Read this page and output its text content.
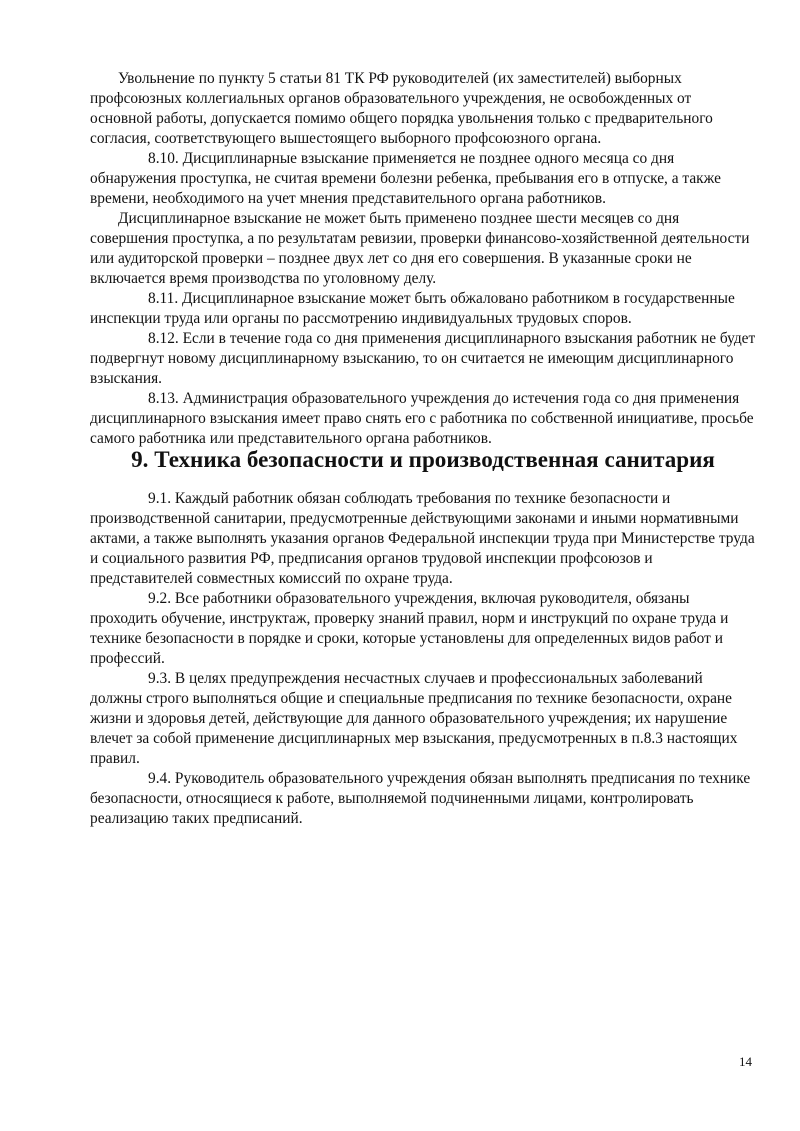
Увольнение по пункту 5 статьи 81 ТК РФ руководителей (их заместителей) выборных профсоюзных коллегиальных органов образовательного учреждения, не освобожденных от основной работы, допускается помимо общего порядка увольнения только с предварительного согласия, соответствующего вышестоящего выборного профсоюзного органа.

8.10. Дисциплинарные взыскание применяется не позднее одного месяца со дня обнаружения проступка, не считая времени болезни ребенка, пребывания его в отпуске, а также времени, необходимого на учет мнения представительного органа работников.

Дисциплинарное взыскание не может быть применено позднее шести месяцев со дня совершения проступка, а по результатам ревизии, проверки финансово-хозяйственной деятельности или аудиторской проверки – позднее двух лет со дня его совершения. В указанные сроки не включается время производства по уголовному делу.

8.11. Дисциплинарное взыскание может быть обжаловано работником в государственные инспекции труда или органы по рассмотрению индивидуальных трудовых споров.

8.12. Если в течение года со дня применения дисциплинарного взыскания работник не будет подвергнут новому дисциплинарному взысканию, то он считается не имеющим дисциплинарного взыскания.

8.13. Администрация образовательного учреждения до истечения года со дня применения дисциплинарного взыскания имеет право снять его с работника по собственной инициативе, просьбе самого работника или представительного органа работников.

9. Техника безопасности и производственная санитария

9.1. Каждый работник обязан соблюдать требования по технике безопасности и производственной санитарии, предусмотренные действующими законами и иными нормативными актами, а также выполнять указания органов Федеральной инспекции труда при Министерстве труда и социального развития РФ, предписания органов трудовой инспекции профсоюзов и представителей совместных комиссий по охране труда.

9.2. Все работники образовательного учреждения, включая руководителя, обязаны проходить обучение, инструктаж, проверку знаний правил, норм и инструкций по охране труда и технике безопасности в порядке и сроки, которые установлены для определенных видов работ и профессий.

9.3. В целях предупреждения несчастных случаев и профессиональных заболеваний должны строго выполняться общие и специальные предписания по технике безопасности, охране жизни и здоровья детей, действующие для данного образовательного учреждения; их нарушение влечет за собой применение дисциплинарных мер взыскания, предусмотренных в п.8.3 настоящих правил.

9.4. Руководитель образовательного учреждения обязан выполнять предписания по технике безопасности, относящиеся к работе, выполняемой подчиненными лицами, контролировать реализацию таких предписаний.

14
